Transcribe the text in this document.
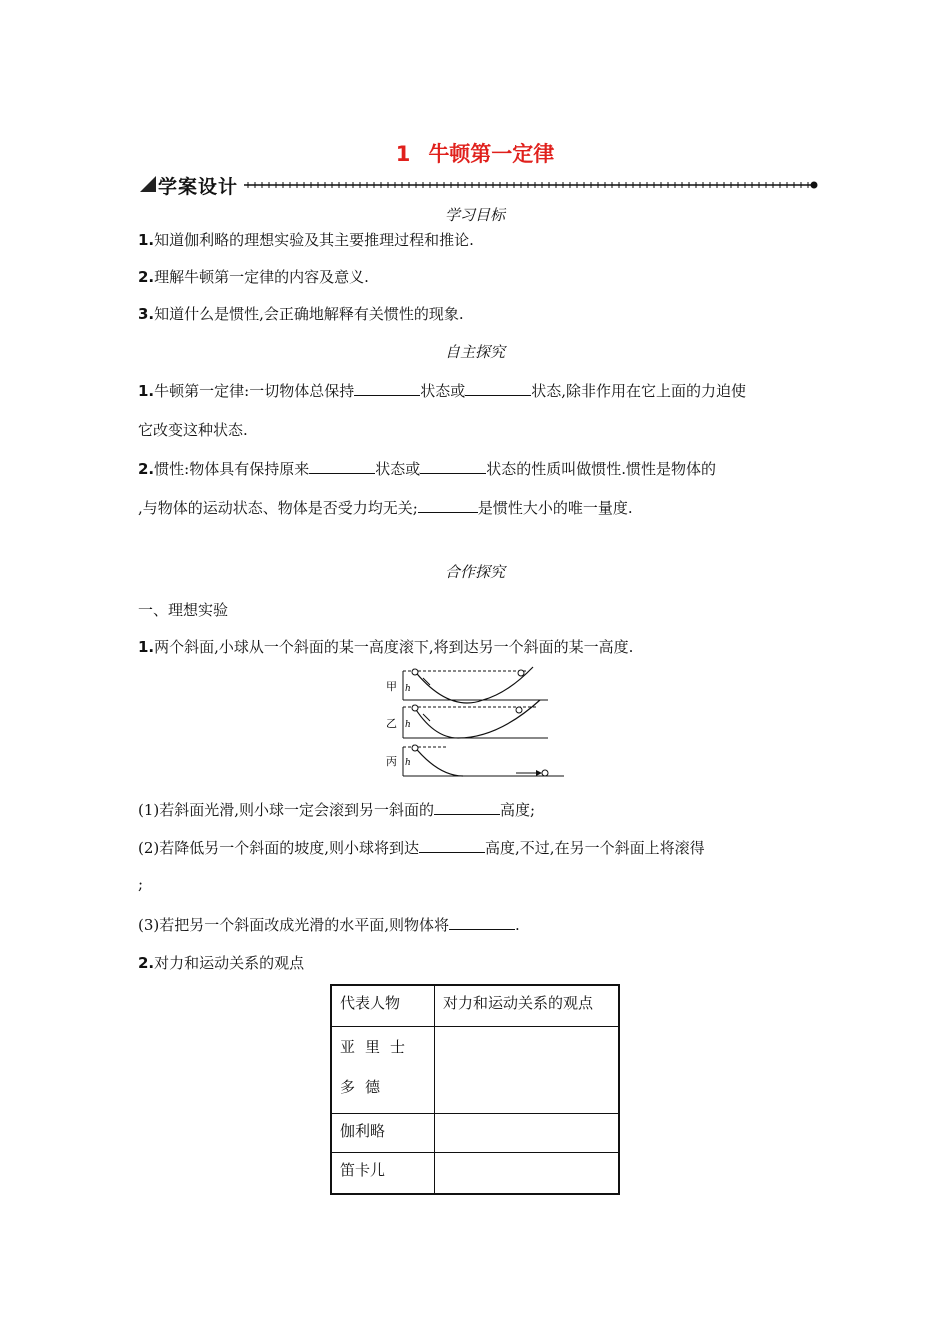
1 牛顿第一定律
学案设计
学习目标
1.知道伽利略的理想实验及其主要推理过程和推论.
2.理解牛顿第一定律的内容及意义.
3.知道什么是惯性,会正确地解释有关惯性的现象.
自主探究
1.牛顿第一定律:一切物体总保持	状态或	状态,除非作用在它上面的力迫使
它改变这种状态.
2.惯性:物体具有保持原来	状态或	状态的性质叫做惯性.惯性是物体的
,与物体的运动状态、物体是否受力均无关;	是惯性大小的唯一量度.
合作探究
一、理想实验
1.两个斜面,小球从一个斜面的某一高度滚下,将到达另一个斜面的某一高度.
甲 h
乙 h
丙 h
(1)若斜面光滑,则小球一定会滚到另一斜面的	高度;
(2)若降低另一个斜面的坡度,则小球将到达	高度,不过,在另一个斜面上将滚得
;
(3)若把另一个斜面改成光滑的水平面,则物体将	.
2.对力和运动关系的观点
代表人物	对力和运动关系的观点
亚里士多德	
伽利略	
笛卡儿	
